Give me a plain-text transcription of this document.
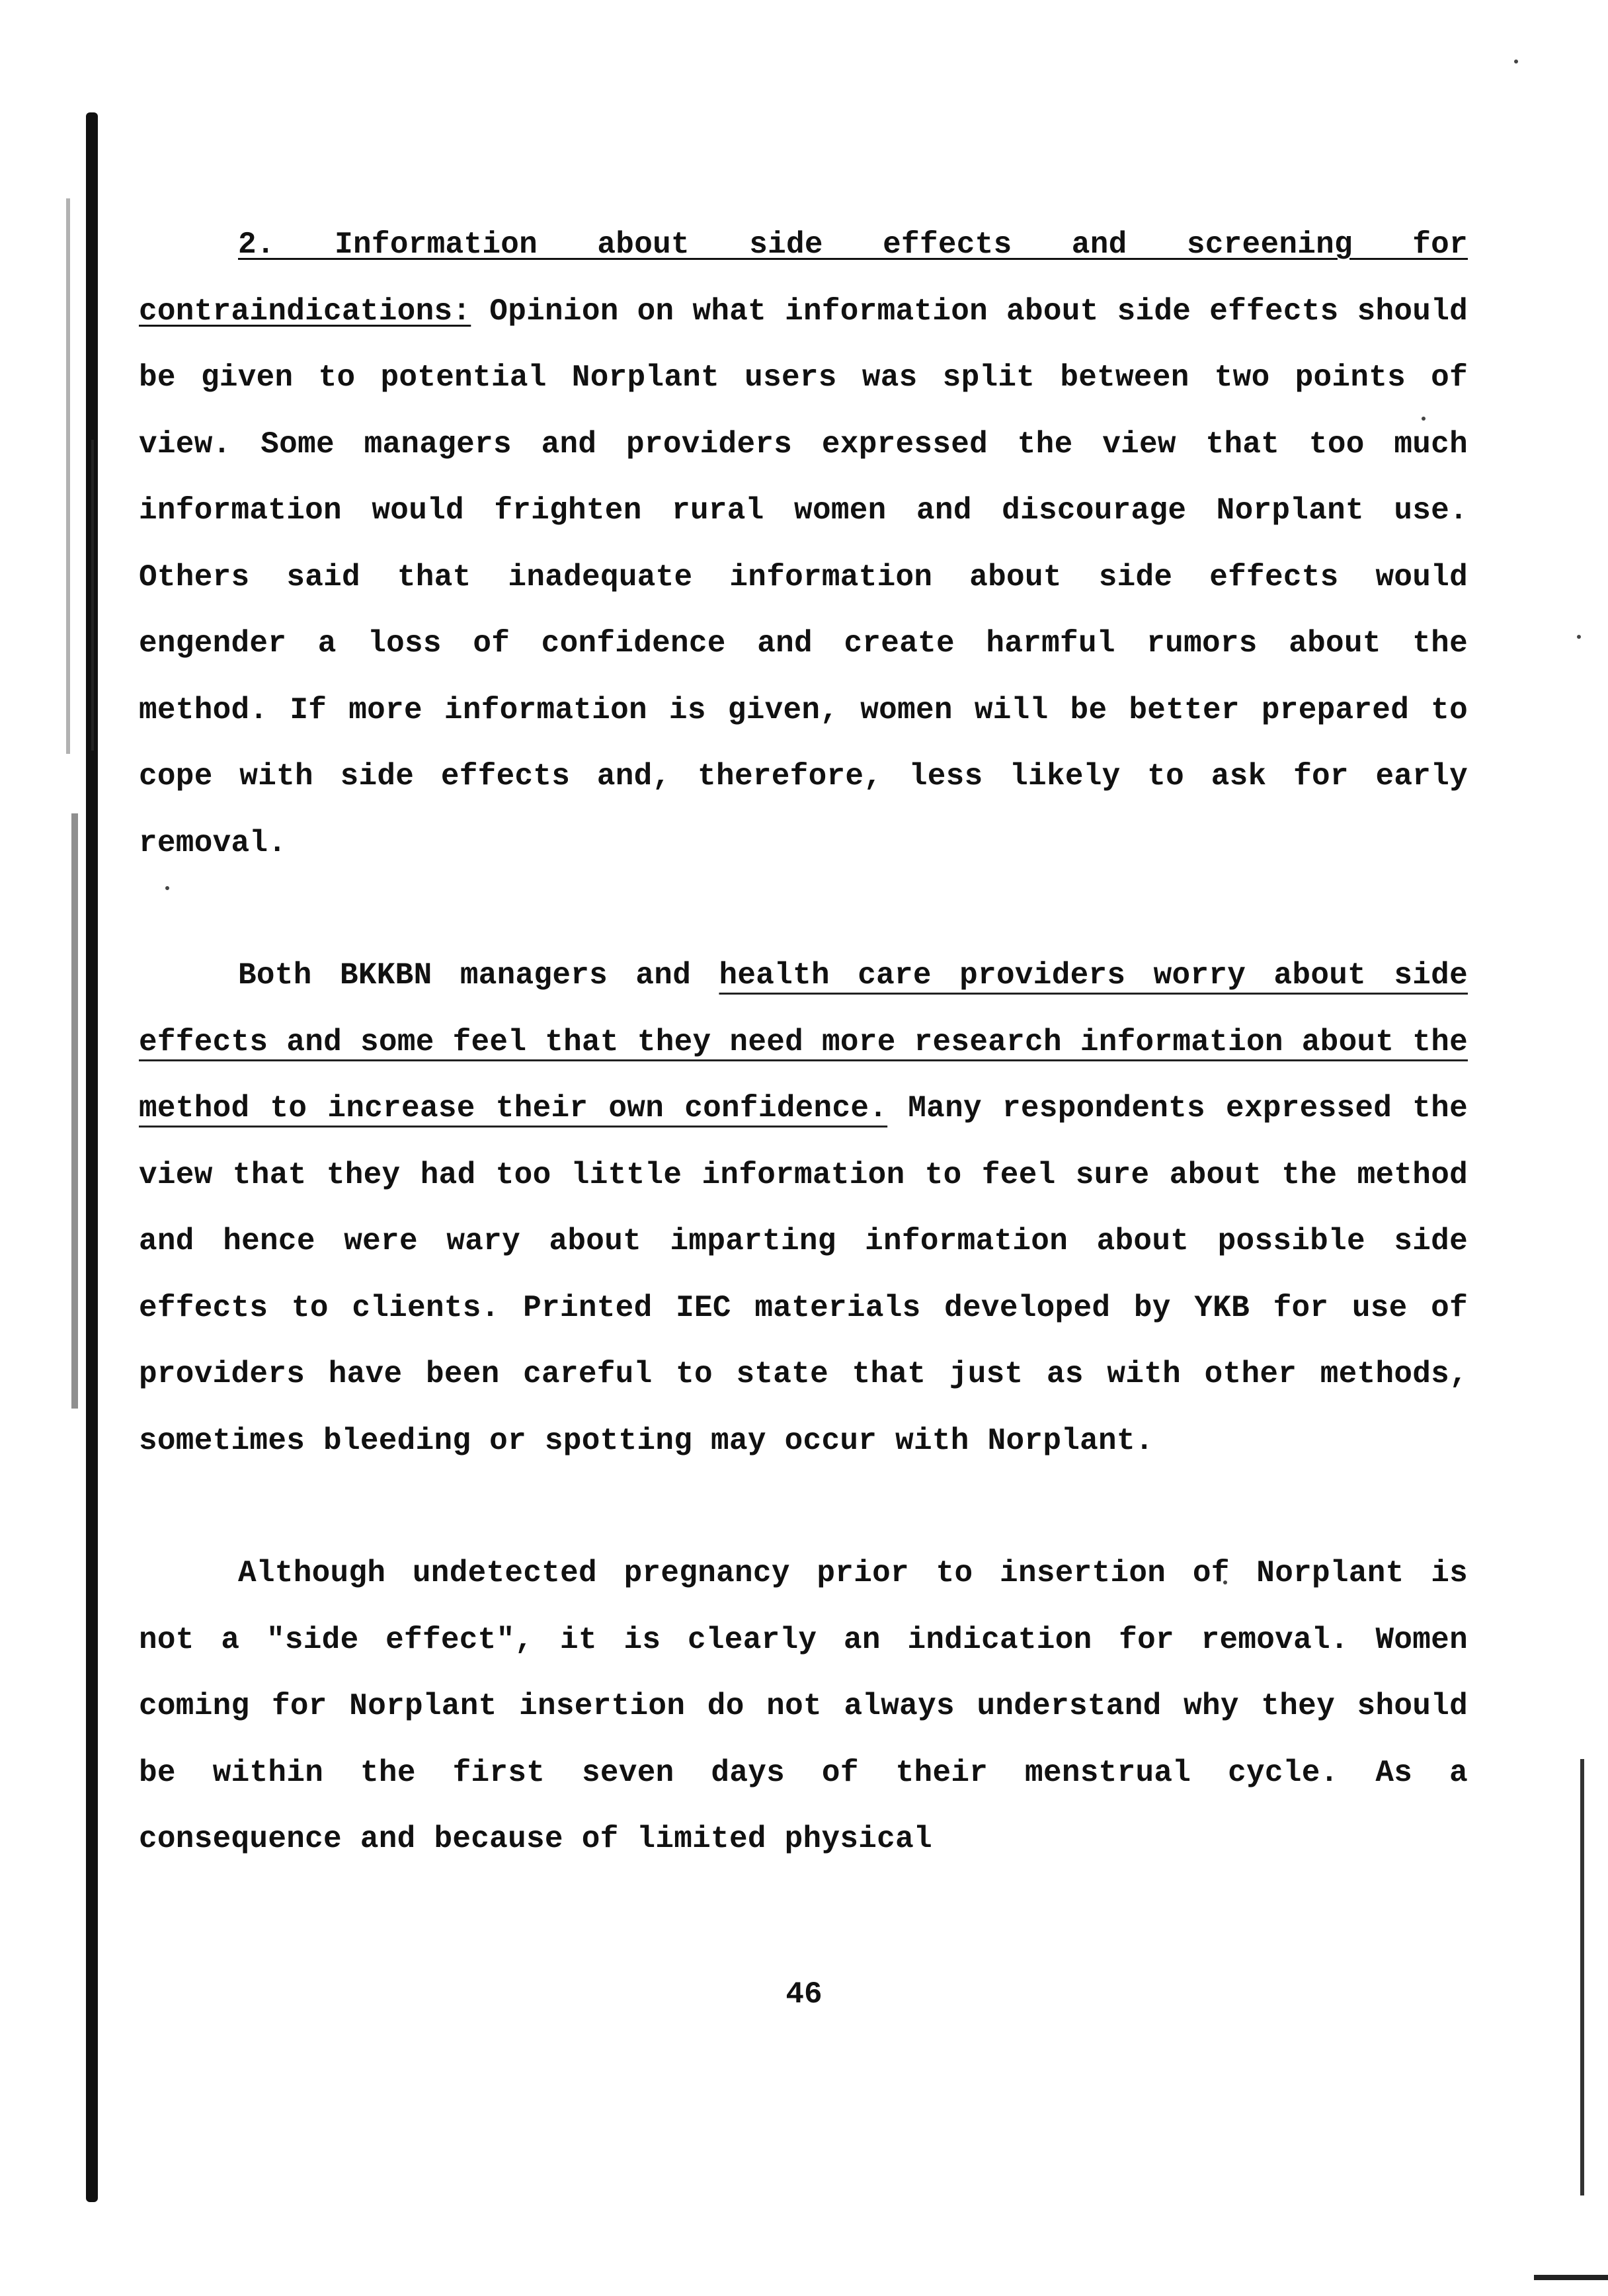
2. Information about side effects and screening for contraindications: Opinion on what information about side effects should be given to potential Norplant users was split between two points of view. Some managers and providers expressed the view that too much information would frighten rural women and discourage Norplant use. Others said that inadequate information about side effects would engender a loss of confidence and create harmful rumors about the method. If more information is given, women will be better prepared to cope with side effects and, therefore, less likely to ask for early removal.

Both BKKBN managers and health care providers worry about side effects and some feel that they need more research information about the method to increase their own confidence. Many respondents expressed the view that they had too little information to feel sure about the method and hence were wary about imparting information about possible side effects to clients. Printed IEC materials developed by YKB for use of providers have been careful to state that just as with other methods, sometimes bleeding or spotting may occur with Norplant.

Although undetected pregnancy prior to insertion of Norplant is not a "side effect", it is clearly an indication for removal. Women coming for Norplant insertion do not always understand why they should be within the first seven days of their menstrual cycle. As a consequence and because of limited physical

46
